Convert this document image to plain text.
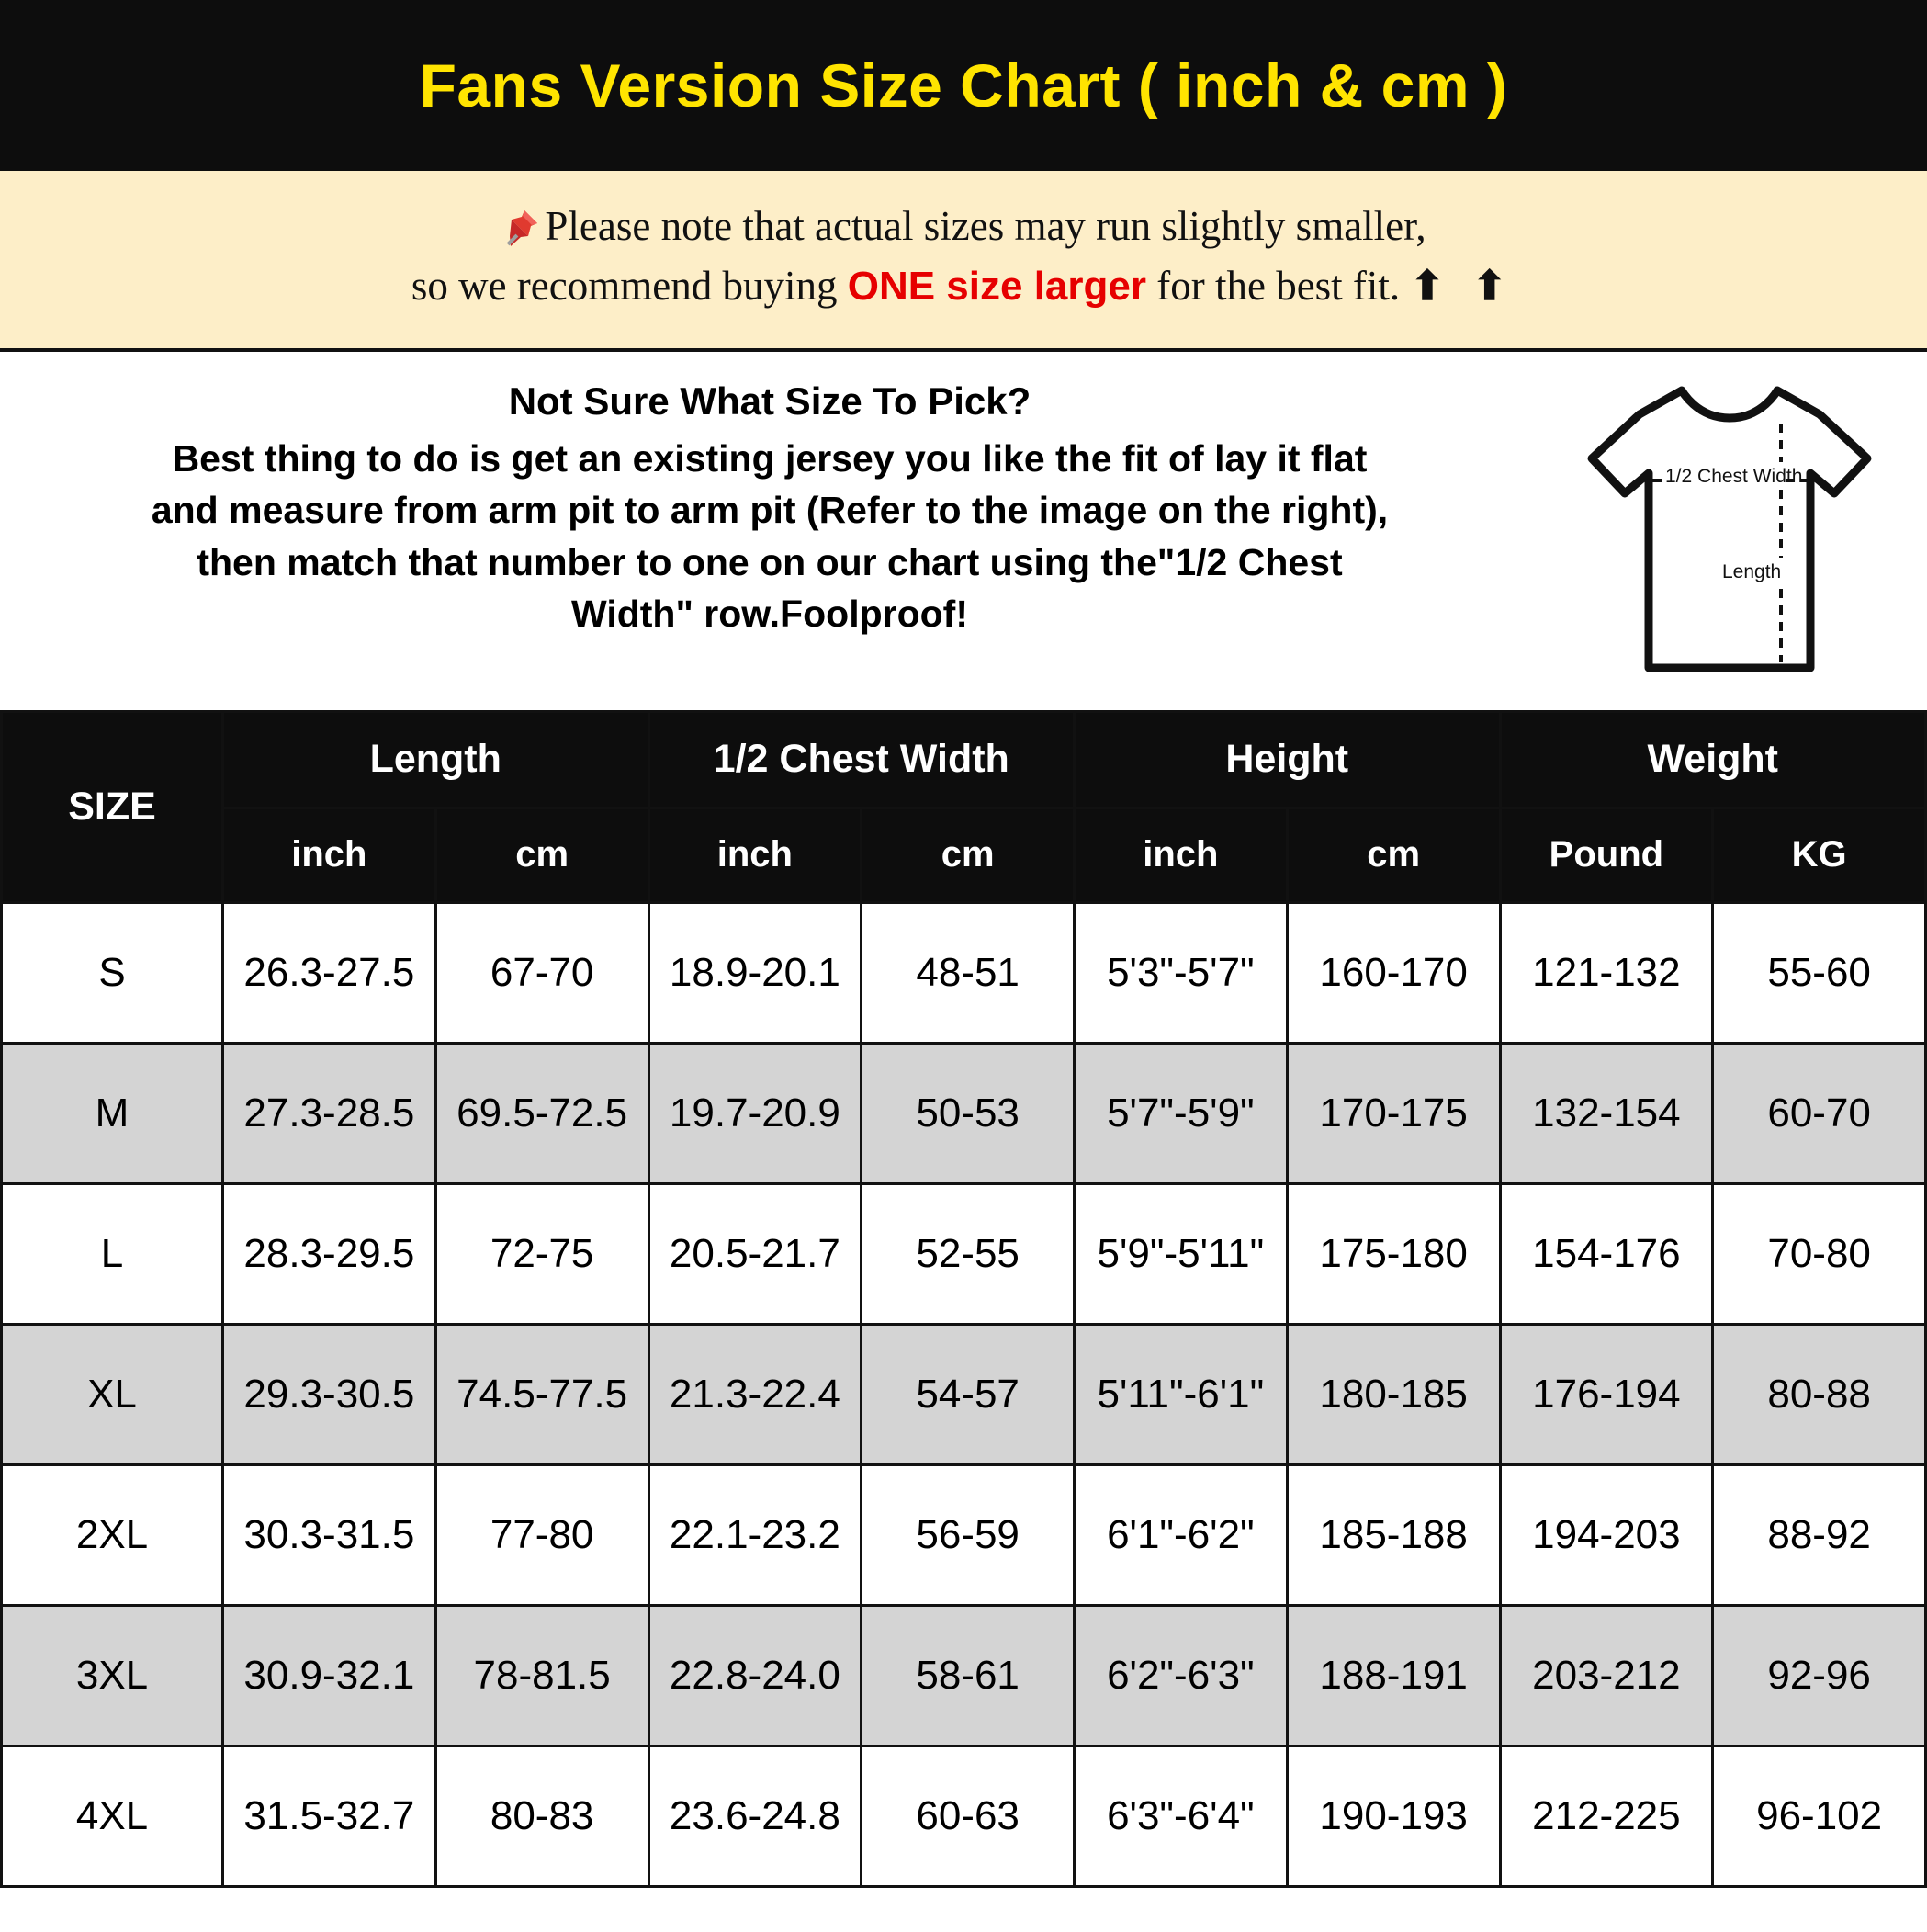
Fans Version Size Chart ( inch & cm )
Please note that actual sizes may run slightly smaller,
so we recommend buying ONE size larger for the best fit. ⬆ ⬆
Not Sure What Size To Pick?
Best thing to do is get an existing jersey you like the fit of lay it flat
and measure from arm pit to arm pit (Refer to the image on the right),
then match that number to one on our chart using the"1/2 Chest
Width" row.Foolproof!
1/2 Chest Width
Length
SIZE	Length		1/2 Chest Width		Height		Weight	
	inch	cm	inch	cm	inch	cm	Pound	KG
S	26.3-27.5	67-70	18.9-20.1	48-51	5'3"-5'7"	160-170	121-132	55-60
M	27.3-28.5	69.5-72.5	19.7-20.9	50-53	5'7"-5'9"	170-175	132-154	60-70
L	28.3-29.5	72-75	20.5-21.7	52-55	5'9"-5'11"	175-180	154-176	70-80
XL	29.3-30.5	74.5-77.5	21.3-22.4	54-57	5'11"-6'1"	180-185	176-194	80-88
2XL	30.3-31.5	77-80	22.1-23.2	56-59	6'1"-6'2"	185-188	194-203	88-92
3XL	30.9-32.1	78-81.5	22.8-24.0	58-61	6'2"-6'3"	188-191	203-212	92-96
4XL	31.5-32.7	80-83	23.6-24.8	60-63	6'3"-6'4"	190-193	212-225	96-102
